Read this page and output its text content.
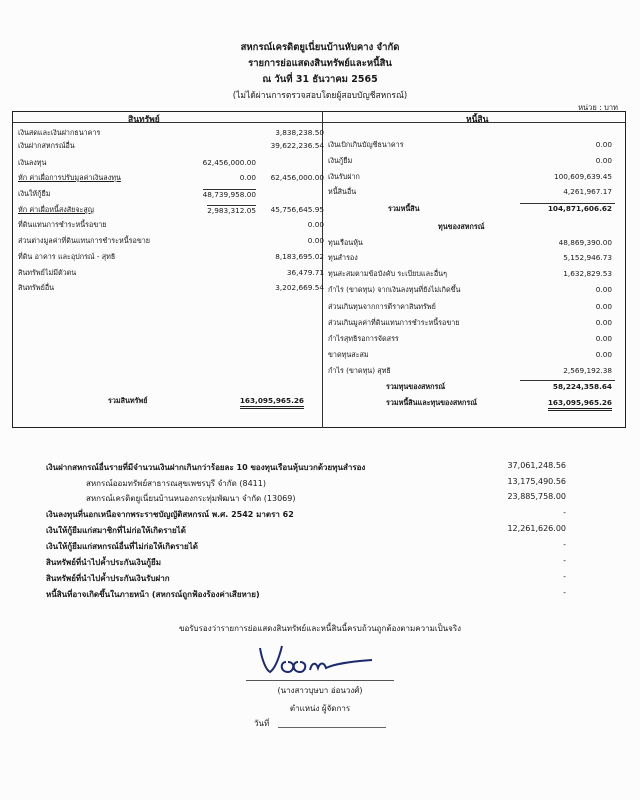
สหกรณ์เครดิตยูเนี่ยนบ้านหับคาง จำกัด
รายการย่อแสดงสินทรัพย์และหนี้สิน
ณ วันที่ 31 ธันวาคม 2565
(ไม่ได้ผ่านการตรวจสอบโดยผู้สอบบัญชีสหกรณ์)
หน่วย : บาท
สินทรัพย์
เงินสดและเงินฝากธนาคาร	3,838,238.50
เงินฝากสหกรณ์อื่น	39,622,236.54
เงินลงทุน	62,456,000.00
หัก ค่าเผื่อการปรับมูลค่าเงินลงทุน	0.00 62,456,000.00
เงินให้กู้ยืม	48,739,958.00
หัก ค่าเผื่อหนี้สงสัยจะสูญ	2,983,312.05 45,756,645.95
ที่ดินแทนการชำระหนี้รอขาย	0.00
ส่วนต่างมูลค่าที่ดินแทนการชำระหนี้รอขาย	0.00
ที่ดิน อาคาร และอุปกรณ์ - สุทธิ	8,183,695.02
สินทรัพย์ไม่มีตัวตน	36,479.71
สินทรัพย์อื่น	3,202,669.54
รวมสินทรัพย์	163,095,965.26
หนี้สิน
เงินเบิกเกินบัญชีธนาคาร	0.00
เงินกู้ยืม	0.00
เงินรับฝาก	100,609,639.45
หนี้สินอื่น	4,261,967.17
รวมหนี้สิน	104,871,606.62
ทุนของสหกรณ์
ทุนเรือนหุ้น	48,869,390.00
ทุนสำรอง	5,152,946.73
ทุนสะสมตามข้อบังคับ ระเบียบและอื่นๆ	1,632,829.53
กำไร (ขาดทุน) จากเงินลงทุนที่ยังไม่เกิดขึ้น	0.00
ส่วนเกินทุนจากการตีราคาสินทรัพย์	0.00
ส่วนเกินมูลค่าที่ดินแทนการชำระหนี้รอขาย	0.00
กำไรสุทธิรอการจัดสรร	0.00
ขาดทุนสะสม	0.00
กำไร (ขาดทุน) สุทธิ	2,569,192.38
รวมทุนของสหกรณ์	58,224,358.64
รวมหนี้สินและทุนของสหกรณ์	163,095,965.26
เงินฝากสหกรณ์อื่นรายที่มีจำนวนเงินฝากเกินกว่าร้อยละ 10 ของทุนเรือนหุ้นบวกด้วยทุนสำรอง	37,061,248.56
สหกรณ์ออมทรัพย์สาธารณสุขเพชรบุรี จำกัด (8411)	13,175,490.56
สหกรณ์เครดิตยูเนี่ยนบ้านหนองกระทุ่มพัฒนา จำกัด (13069)	23,885,758.00
เงินลงทุนที่นอกเหนือจากพระราชบัญญัติสหกรณ์ พ.ศ. 2542 มาตรา 62	-
เงินให้กู้ยืมแก่สมาชิกที่ไม่ก่อให้เกิดรายได้	12,261,626.00
เงินให้กู้ยืมแก่สหกรณ์อื่นที่ไม่ก่อให้เกิดรายได้	-
สินทรัพย์ที่นำไปค้ำประกันเงินกู้ยืม	-
สินทรัพย์ที่นำไปค้ำประกันเงินรับฝาก	-
หนี้สินที่อาจเกิดขึ้นในภายหน้า (สหกรณ์ถูกฟ้องร้องค่าเสียหาย)	-
ขอรับรองว่ารายการย่อแสดงสินทรัพย์และหนี้สินนี้ครบถ้วนถูกต้องตามความเป็นจริง
(นางสาวบุษบา อ่อนวงศ์)
ตำแหน่ง ผู้จัดการ
วันที่
